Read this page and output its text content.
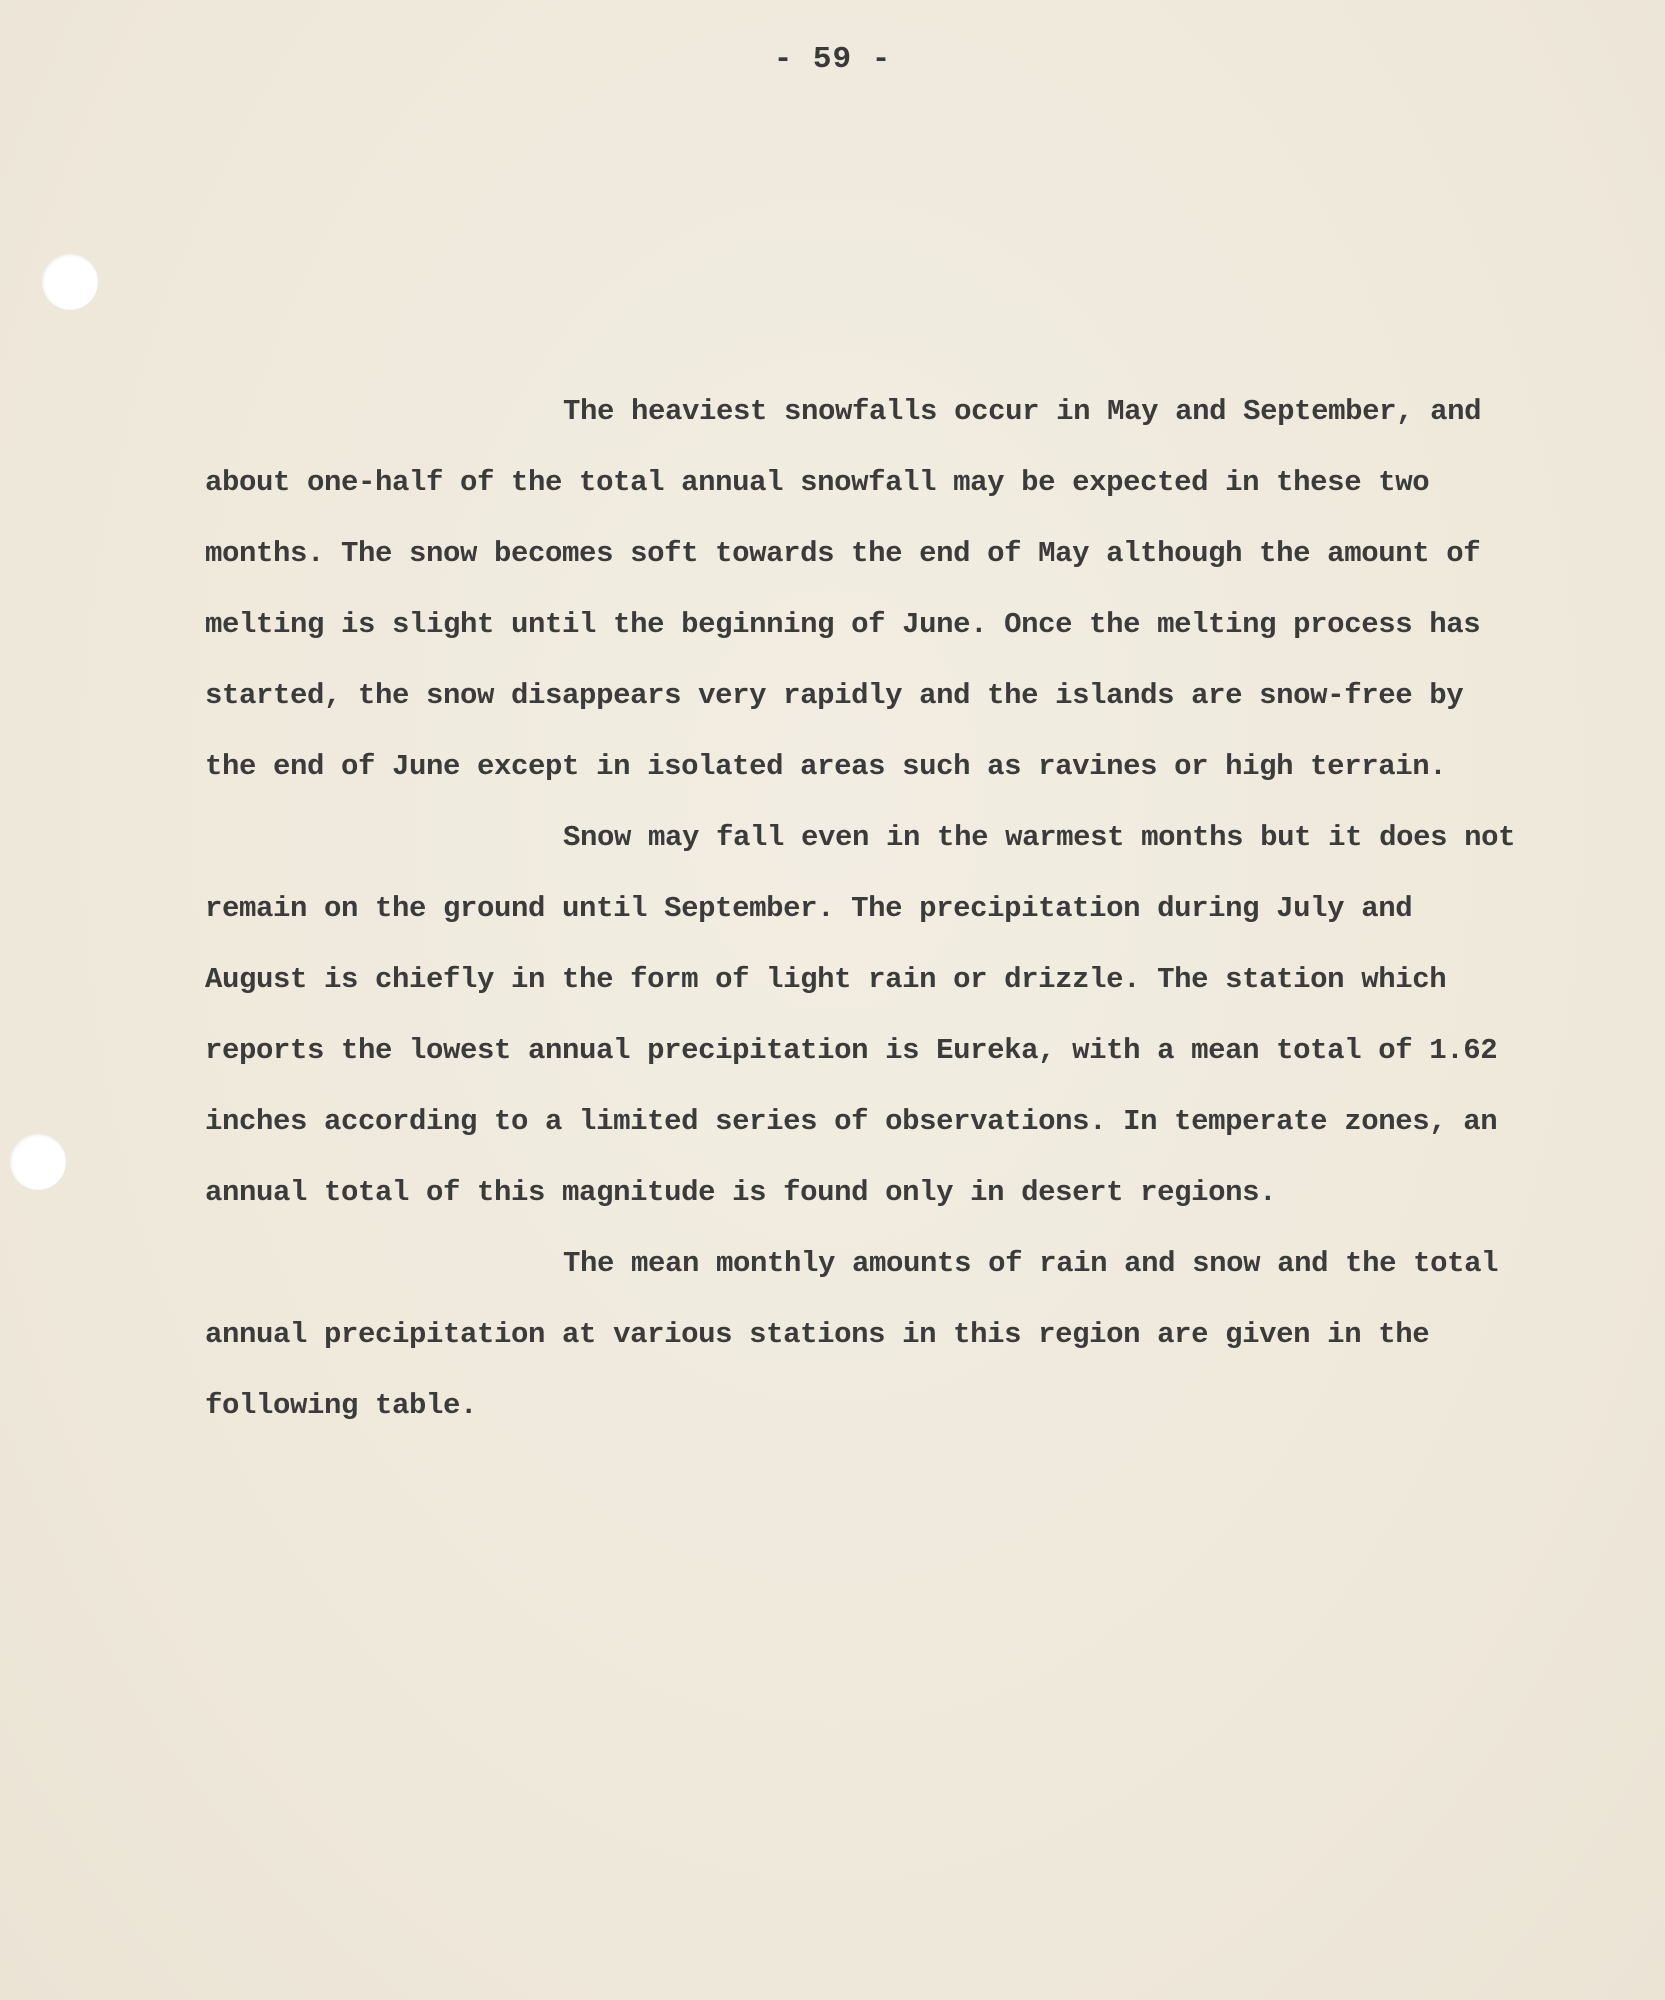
- 59 -

The heaviest snowfalls occur in May and September, and about one-half of the total annual snowfall may be expected in these two months. The snow becomes soft towards the end of May although the amount of melting is slight until the beginning of June. Once the melting process has started, the snow disappears very rapidly and the islands are snow-free by the end of June except in isolated areas such as ravines or high terrain.

Snow may fall even in the warmest months but it does not remain on the ground until September. The precipitation during July and August is chiefly in the form of light rain or drizzle. The station which reports the lowest annual precipitation is Eureka, with a mean total of 1.62 inches according to a limited series of observations. In temperate zones, an annual total of this magnitude is found only in desert regions.

The mean monthly amounts of rain and snow and the total annual precipitation at various stations in this region are given in the following table.
